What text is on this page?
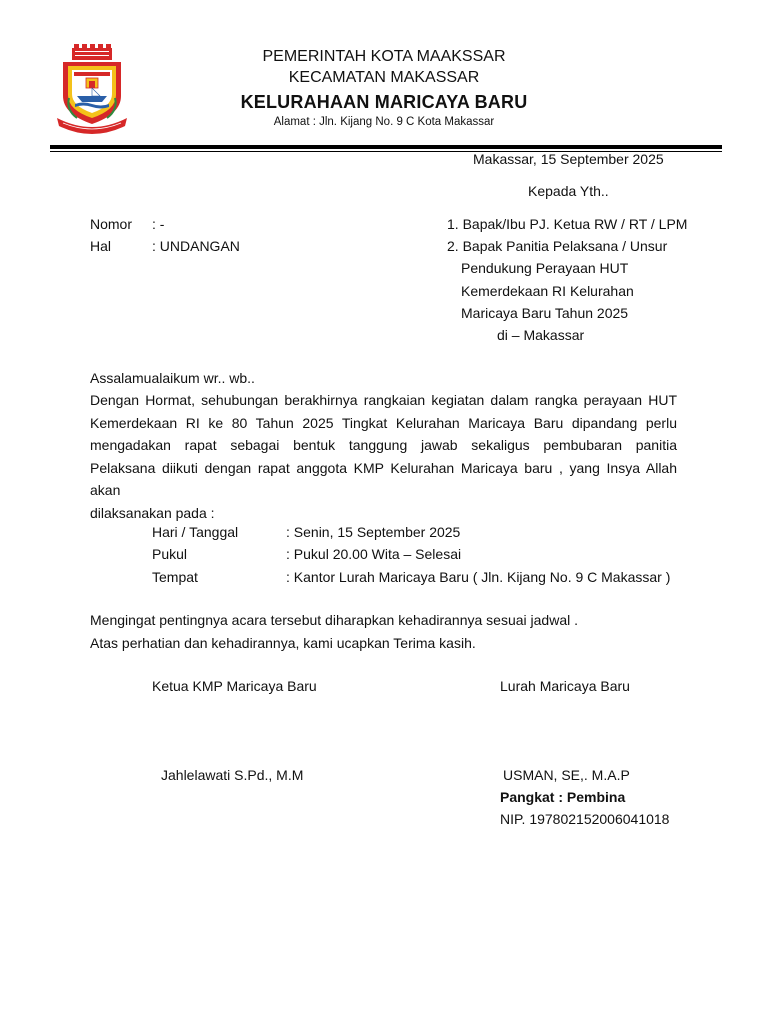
PEMERINTAH KOTA MAAKSSAR
KECAMATAN MAKASSAR
KELURAHAAN MARICAYA BARU
Alamat : Jln. Kijang No. 9 C Kota Makassar
Makassar, 15 September 2025
Kepada Yth..
1. Bapak/Ibu PJ. Ketua RW / RT / LPM
2. Bapak Panitia Pelaksana / Unsur
Pendukung Perayaan HUT
Kemerdekaan RI Kelurahan
Maricaya Baru Tahun 2025
di – Makassar
Nomor : -
Hal	: UNDANGAN
Assalamualaikum wr.. wb..
Dengan Hormat, sehubungan berakhirnya rangkaian kegiatan dalam rangka perayaan HUT
Kemerdekaan RI ke 80 Tahun 2025 Tingkat Kelurahan Maricaya Baru dipandang perlu
mengadakan rapat sebagai bentuk tanggung jawab sekaligus pembubaran panitia
Pelaksana diikuti dengan rapat anggota KMP Kelurahan Maricaya baru , yang Insya Allah akan
dilaksanakan pada :
Hari / Tanggal	: Senin, 15 September 2025
Pukul	: Pukul 20.00 Wita – Selesai
Tempat	: Kantor Lurah Maricaya Baru ( Jln. Kijang No. 9 C Makassar )
Mengingat pentingnya acara tersebut diharapkan kehadirannya sesuai jadwal .
Atas perhatian dan kehadirannya, kami ucapkan Terima kasih.
Ketua KMP Maricaya Baru	Lurah Maricaya Baru
Jahlelawati S.Pd., M.M	USMAN, SE,. M.A.P
Pangkat : Pembina
NIP. 197802152006041018
